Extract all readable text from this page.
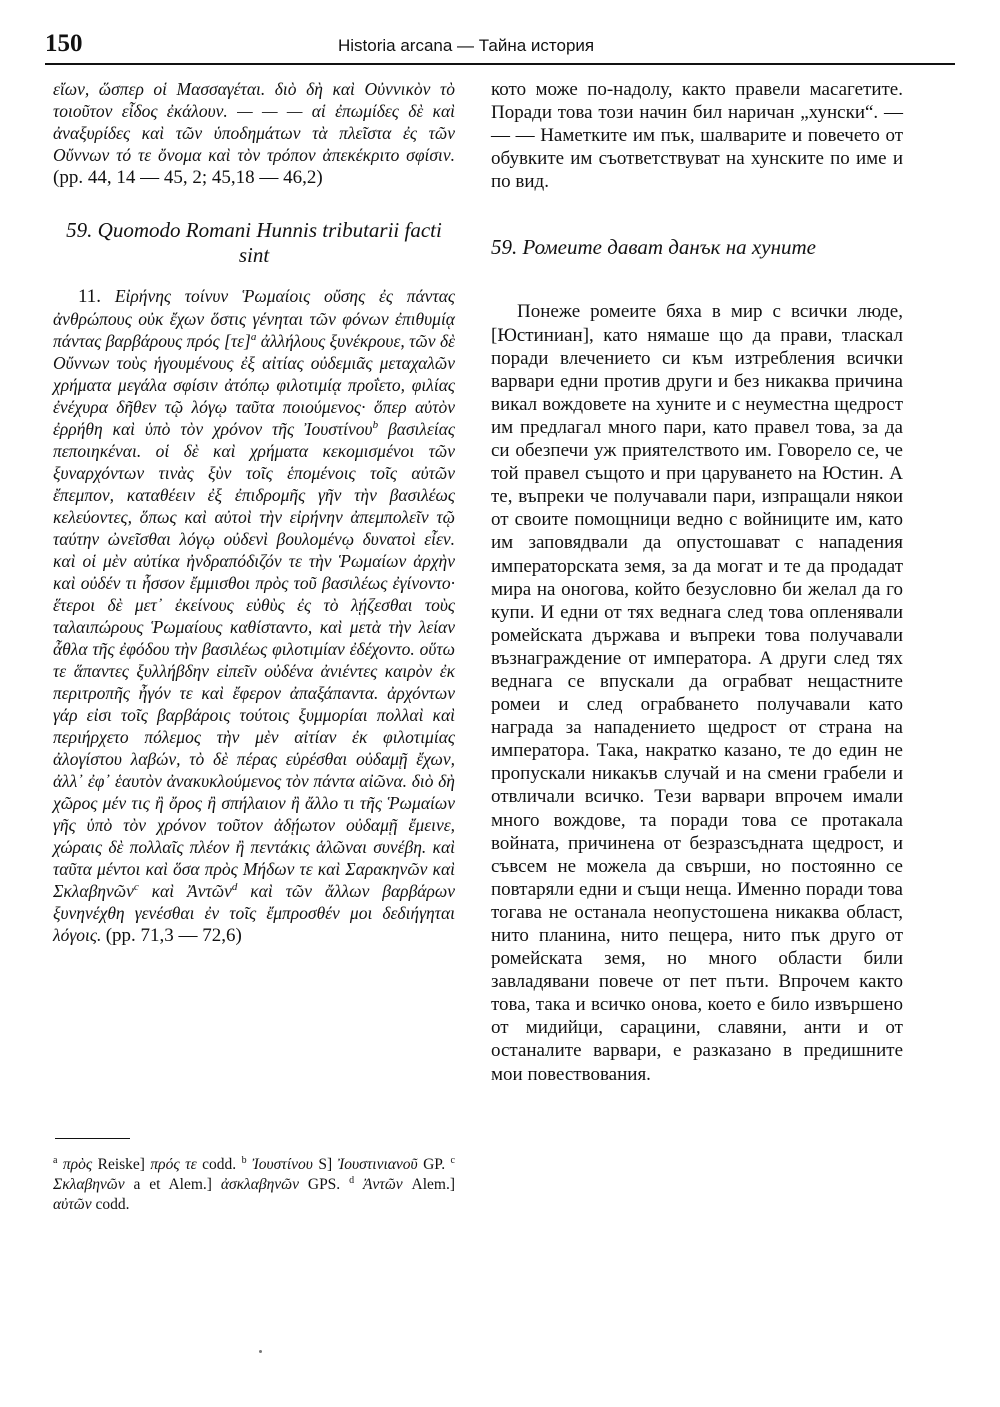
150	Historia arcana — Тайна история

εἴων, ὥσπερ οἱ Μασσαγέται. διὸ δὴ καὶ Οὐννικὸν τὸ τοιοῦτον εἶδος ἐκάλουν. — — — αἱ ἐπωμίδες δὲ καὶ ἀναξυρίδες καὶ τῶν ὑποδημάτων τὰ πλεῖστα ἐς τῶν Οὔννων τό τε ὄνομα καὶ τὸν τρόπον ἀπεκέκριτο σφίσιν. (pp. 44, 14 — 45, 2; 45,18 — 46,2)

59. Quomodo Romani Hunnis tributarii facti sint

11. Εἰρήνης τοίνυν Ῥωμαίοις οὔσης ἐς πάντας ἀνθρώπους οὐκ ἔχων ὅστις γένηται τῶν φόνων ἐπιθυμίᾳ πάντας βαρβάρους πρός $[\tau\varepsilon]^a$ ἀλλήλους ξυνέκρουε, τῶν δὲ Οὔννων τοὺς ἡγουμένους ἐξ αἰτίας οὐδεμιᾶς μεταχαλῶν χρήματα μεγάλα σφίσιν ἀτόπῳ φιλοτιμίᾳ προΐετο, φιλίας ἐνέχυρα δῆθεν τῷ λόγῳ ταῦτα ποιούμενος· ὅπερ αὐτὸν ἐρρήθη καὶ ὑπὸ τὸν χρόνον τῆς Ἰουστίνου$^b$ βασιλείας πεποιηκέναι. οἱ δὲ καὶ χρήματα κεκομισμένοι τῶν ξυναρχόντων τινὰς ξὺν τοῖς ἑπομένοις τοῖς αὐτῶν ἔπεμπον, καταθέειν ἐξ ἐπιδρομῆς γῆν τὴν βασιλέως κελεύοντες, ὅπως καὶ αὐτοὶ τὴν εἰρήνην ἀπεμπολεῖν τῷ ταύτην ὠνεῖσθαι λόγῳ οὐδενὶ βουλομένῳ δυνατοὶ εἶεν. καὶ οἱ μὲν αὐτίκα ἠνδραπόδιζόν τε τὴν Ῥωμαίων ἀρχὴν καὶ οὐδέν τι ἧσσον ἔμμισθοι πρὸς τοῦ βασιλέως ἐγίνοντο· ἕτεροι δὲ μετ᾿ ἐκείνους εὐθὺς ἐς τὸ λῄζεσθαι τοὺς ταλαιπώρους Ῥωμαίους καθίσταντο, καὶ μετὰ τὴν λείαν ἆθλα τῆς ἐφόδου τὴν βασιλέως φιλοτιμίαν ἐδέχοντο. οὕτω τε ἅπαντες ξυλλήβδην εἰπεῖν οὐδένα ἀνιέντες καιρὸν ἐκ περιτροπῆς ἦγόν τε καὶ ἔφερον ἀπαξάπαντα. ἀρχόντων γάρ εἰσι τοῖς βαρβάροις τούτοις ξυμμορίαι πολλαὶ καὶ περιήρχετο πόλεμος τὴν μὲν αἰτίαν ἐκ φιλοτιμίας ἀλογίστου λαβών, τὸ δὲ πέρας εὑρέσθαι οὐδαμῇ ἔχων, ἀλλ᾿ ἐφ᾿ ἑαυτὸν ἀνακυκλούμενος τὸν πάντα αἰῶνα. διὸ δὴ χῶρος μέν τις ἢ ὄρος ἢ σπήλαιον ἢ ἄλλο τι τῆς Ῥωμαίων γῆς ὑπὸ τὸν χρόνον τοῦτον ἀδῄωτον οὐδαμῇ ἔμεινε, χώραις δὲ πολλαῖς πλέον ἢ πεντάκις ἁλῶναι συνέβη. καὶ ταῦτα μέντοι καὶ ὅσα πρὸς Μήδων τε καὶ Σαρακηνῶν καὶ Σκλαβηνῶν$^c$ καὶ Ἀντῶν$^d$ καὶ τῶν ἄλλων βαρβάρων ξυνηνέχθη γενέσθαι ἐν τοῖς ἔμπροσθέν μοι δεδιήγηται λόγοις. (pp. 71,3 — 72,6)

кото може по-надолу, както правели масагетите. Поради това този начин бил наричан „хунски“. — — — Наметките им пък, шалварите и повечето от обувките им съответствуват на хунските по име и по вид.

59. Ромеите дават данък на хуните

Понеже ромеите бяха в мир с всички люде, [Юстиниан], като нямаше що да прави, тласкал поради влечението си към изтребления всички варвари едни против други и без никаква причина викал вождовете на хуните и с неуместна щедрост им предлагал много пари, като правел това, за да си обезпечи уж приятелството им. Говорело се, че той правел същото и при царуването на Юстин. А те, въпреки че получавали пари, изпращали някои от своите помощници ведно с войниците им, като им заповядвали да опустошават с нападения императорската земя, за да могат и те да продадат мира на оногова, който безусловно би желал да го купи. И едни от тях веднага след това опленявали ромейската държава и въпреки това получавали възнаграждение от императора. А други след тях веднага се впускали да ограбват нещастните ромеи и след ограбването получавали като награда за нападението щедрост от страна на императора. Така, накратко казано, те до един не пропускали никакъв случай и на смени грабели и отвличали всичко. Тези варвари впрочем имали много вождове, та поради това се протакала войната, причинена от безразсъдната щедрост, и съвсем не можела да свърши, но постоянно се повтаряли едни и същи неща. Именно поради това тогава не останала неопустошена никаква област, нито планина, нито пещера, нито пък друго от ромейската земя, но много области били завладявани повече от пет пъти. Впрочем както това, така и всичко онова, което е било извършено от мидийци, сарацини, славяни, анти и от останалите варвари, е разказано в предишните мои повествования.

$^a$ πρὸς Reiske] πρός τε codd. $^b$ Ἰουστίνου S] Ἰουστινιανοῦ GP. $^c$ Σκλαβηνῶν a et Alem.] ἀσκλαβηνῶν GPS. $^d$ Ἀντῶν Alem.] αὐτῶν codd.
